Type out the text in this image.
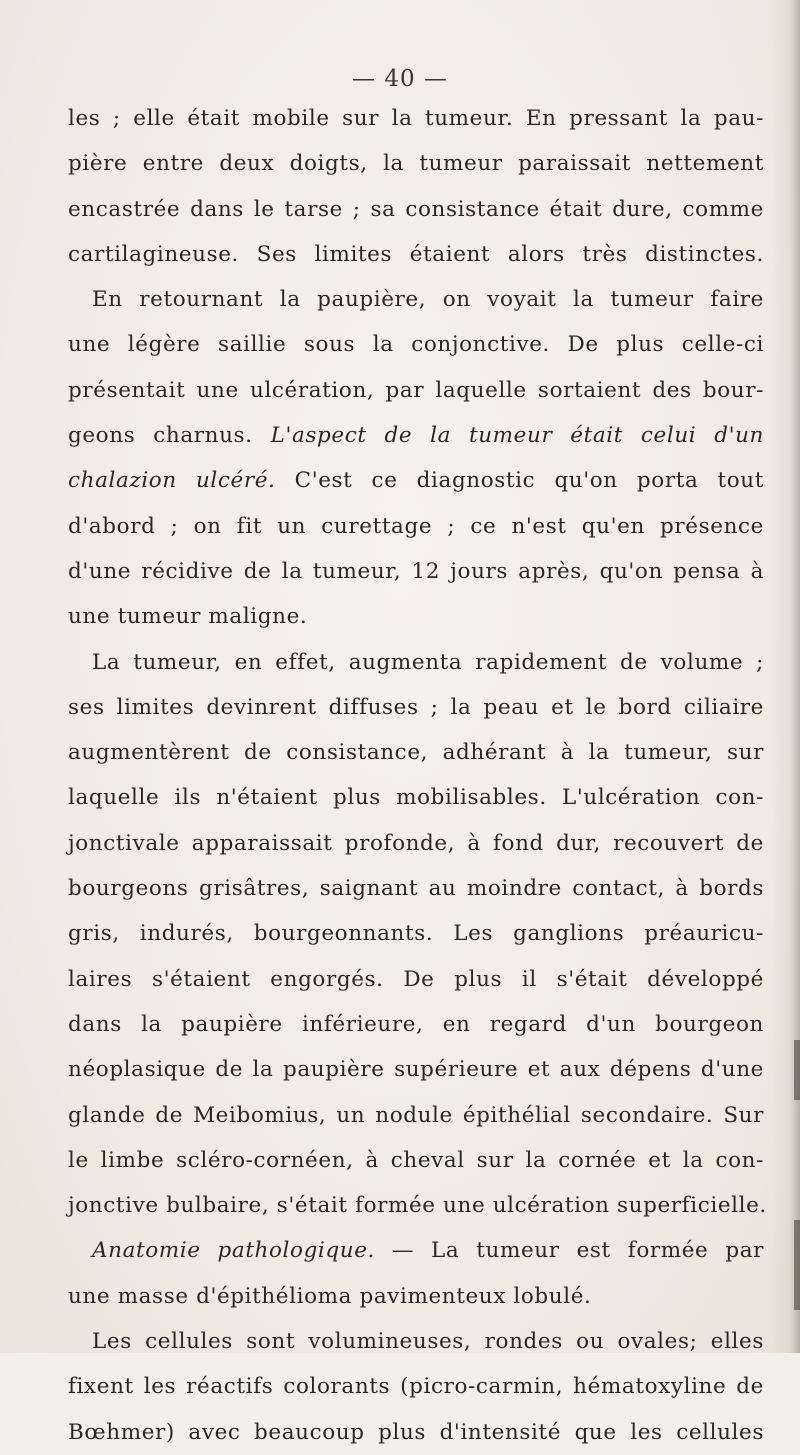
— 40 —
les ; elle était mobile sur la tumeur. En pressant la pau-
pière entre deux doigts, la tumeur paraissait nettement
encastrée dans le tarse ; sa consistance était dure, comme
cartilagineuse. Ses limites étaient alors très distinctes.
En retournant la paupière, on voyait la tumeur faire
une légère saillie sous la conjonctive. De plus celle-ci
présentait une ulcération, par laquelle sortaient des bour-
geons charnus. L'aspect de la tumeur était celui d'un
chalazion ulcéré. C'est ce diagnostic qu'on porta tout
d'abord ; on fit un curettage ; ce n'est qu'en présence
d'une récidive de la tumeur, 12 jours après, qu'on pensa à
une tumeur maligne.
La tumeur, en effet, augmenta rapidement de volume ;
ses limites devinrent diffuses ; la peau et le bord ciliaire
augmentèrent de consistance, adhérant à la tumeur, sur
laquelle ils n'étaient plus mobilisables. L'ulcération con-
jonctivale apparaissait profonde, à fond dur, recouvert de
bourgeons grisâtres, saignant au moindre contact, à bords
gris, indurés, bourgeonnants. Les ganglions préauricu-
laires s'étaient engorgés. De plus il s'était développé
dans la paupière inférieure, en regard d'un bourgeon
néoplasique de la paupière supérieure et aux dépens d'une
glande de Meibomius, un nodule épithélial secondaire. Sur
le limbe scléro-cornéen, à cheval sur la cornée et la con-
jonctive bulbaire, s'était formée une ulcération superficielle.
Anatomie pathologique. — La tumeur est formée par
une masse d'épithélioma pavimenteux lobulé.
Les cellules sont volumineuses, rondes ou ovales; elles
fixent les réactifs colorants (picro-carmin, hématoxyline de
Bœhmer) avec beaucoup plus d'intensité que les cellules
